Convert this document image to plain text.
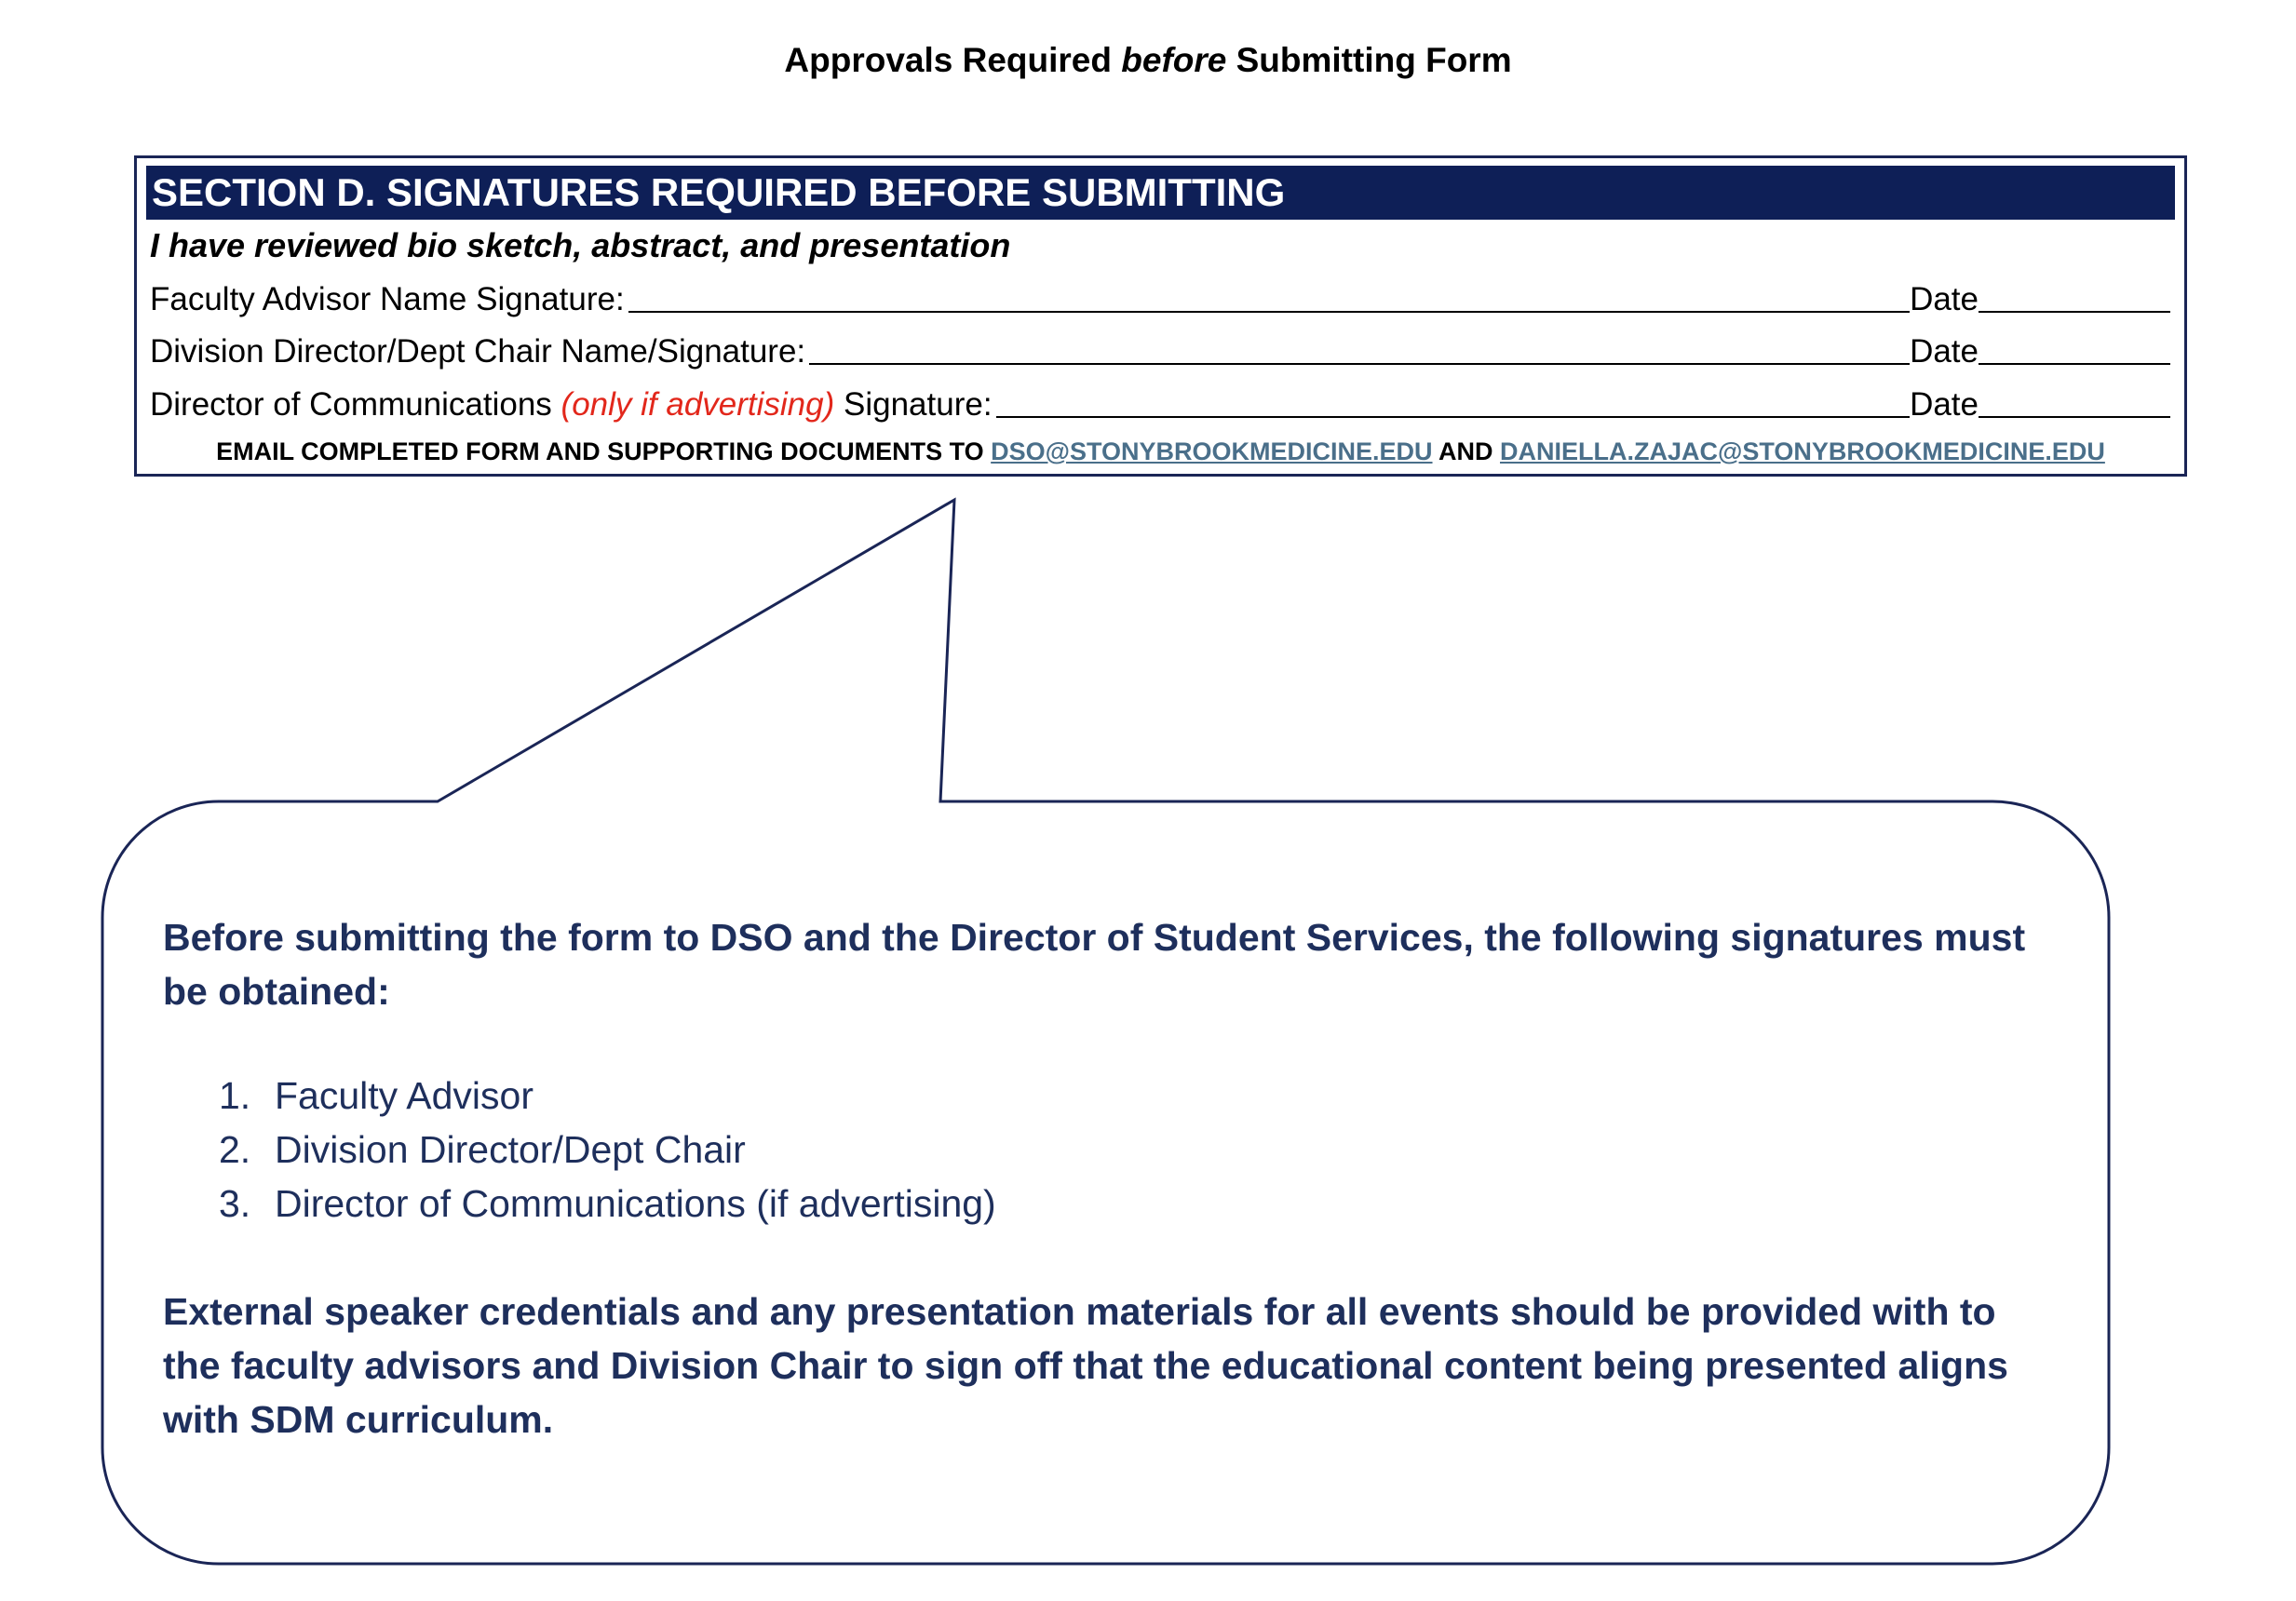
Approvals Required before Submitting Form
SECTION D. SIGNATURES REQUIRED BEFORE SUBMITTING
I have reviewed bio sketch, abstract, and presentation
Faculty Advisor Name Signature:	Date
Division Director/Dept Chair Name/Signature:	Date
Director of Communications (only if advertising) Signature:	Date
EMAIL COMPLETED FORM AND SUPPORTING DOCUMENTS TO DSO@STONYBROOKMEDICINE.EDU AND DANIELLA.ZAJAC@STONYBROOKMEDICINE.EDU

Before submitting the form to DSO and the Director of Student Services, the following signatures must be obtained:

1. Faculty Advisor
2. Division Director/Dept Chair
3. Director of Communications (if advertising)

External speaker credentials and any presentation materials for all events should be provided with to the faculty advisors and Division Chair to sign off that the educational content being presented aligns with SDM curriculum.
